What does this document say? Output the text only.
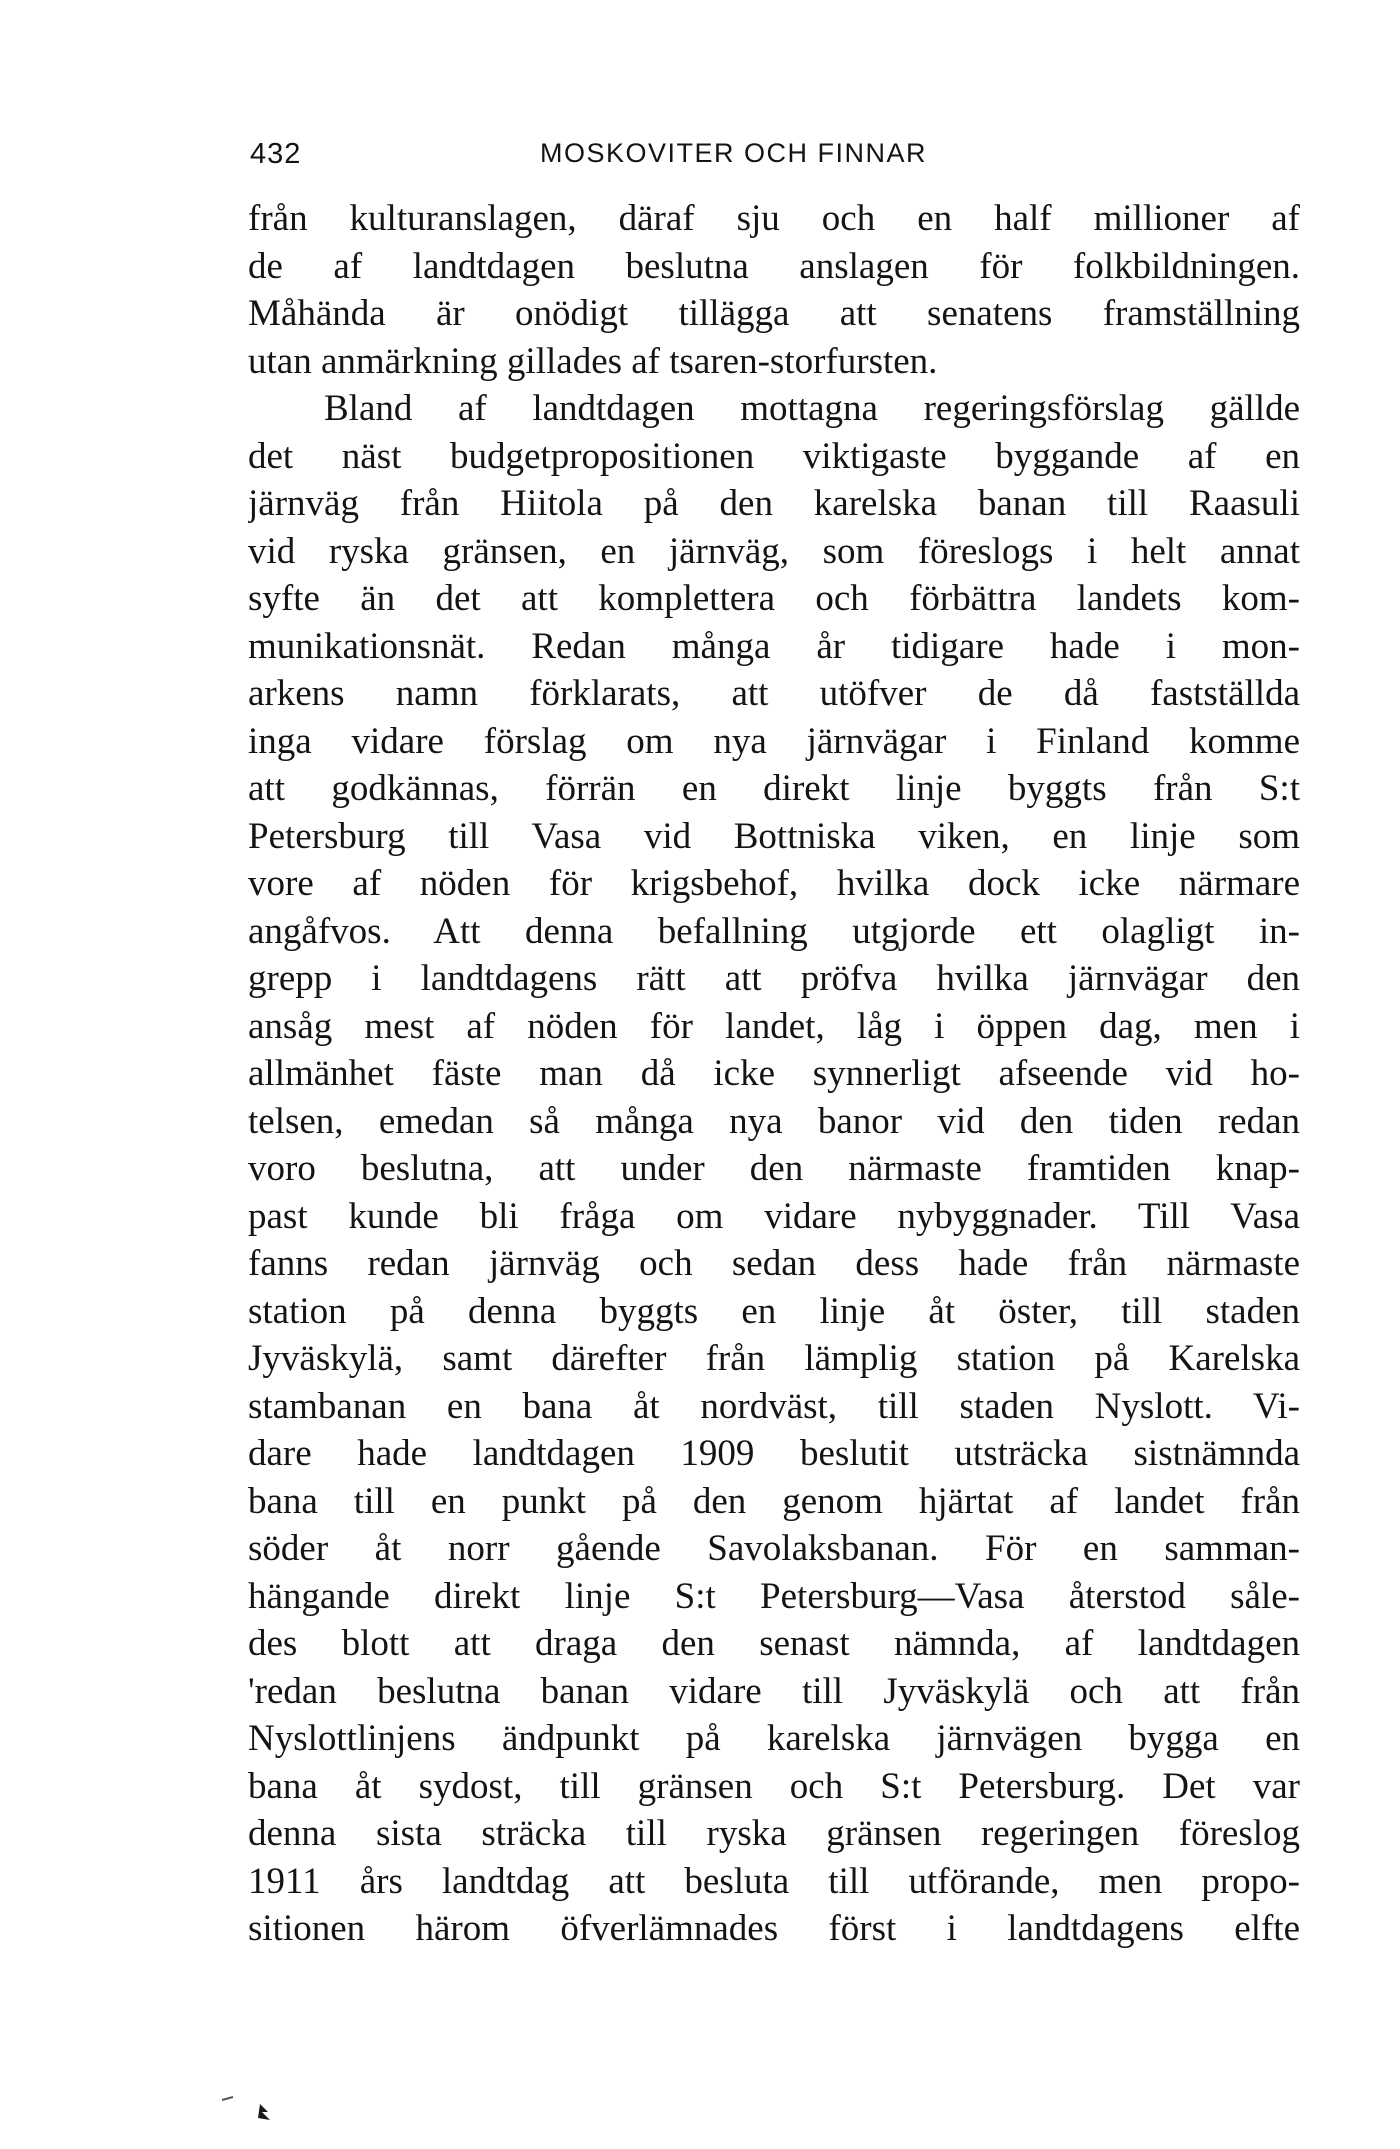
432	MOSKOVITER OCH FINNAR
från kulturanslagen, däraf sju och en half millioner af
de af landtdagen beslutna anslagen för folkbildningen.
Måhända är onödigt tillägga att senatens framställning
utan anmärkning gillades af tsaren-storfursten.
Bland af landtdagen mottagna regeringsförslag gällde
det näst budgetpropositionen viktigaste byggande af en
järnväg från Hiitola på den karelska banan till Raasuli
vid ryska gränsen, en järnväg, som föreslogs i helt annat
syfte än det att komplettera och förbättra landets kom-
munikationsnät. Redan många år tidigare hade i mon-
arkens namn förklarats, att utöfver de då fastställda
inga vidare förslag om nya järnvägar i Finland komme
att godkännas, förrän en direkt linje byggts från S:t
Petersburg till Vasa vid Bottniska viken, en linje som
vore af nöden för krigsbehof, hvilka dock icke närmare
angåfvos. Att denna befallning utgjorde ett olagligt in-
grepp i landtdagens rätt att pröfva hvilka järnvägar den
ansåg mest af nöden för landet, låg i öppen dag, men i
allmänhet fäste man då icke synnerligt afseende vid ho-
telsen, emedan så många nya banor vid den tiden redan
voro beslutna, att under den närmaste framtiden knap-
past kunde bli fråga om vidare nybyggnader. Till Vasa
fanns redan järnväg och sedan dess hade från närmaste
station på denna byggts en linje åt öster, till staden
Jyväskylä, samt därefter från lämplig station på Karelska
stambanan en bana åt nordväst, till staden Nyslott. Vi-
dare hade landtdagen 1909 beslutit utsträcka sistnämnda
bana till en punkt på den genom hjärtat af landet från
söder åt norr gående Savolaksbanan. För en samman-
hängande direkt linje S:t Petersburg—Vasa återstod såle-
des blott att draga den senast nämnda, af landtdagen
'redan beslutna banan vidare till Jyväskylä och att från
Nyslottlinjens ändpunkt på karelska järnvägen bygga en
bana åt sydost, till gränsen och S:t Petersburg. Det var
denna sista sträcka till ryska gränsen regeringen föreslog
1911 års landtdag att besluta till utförande, men propo-
sitionen härom öfverlämnades först i landtdagens elfte
